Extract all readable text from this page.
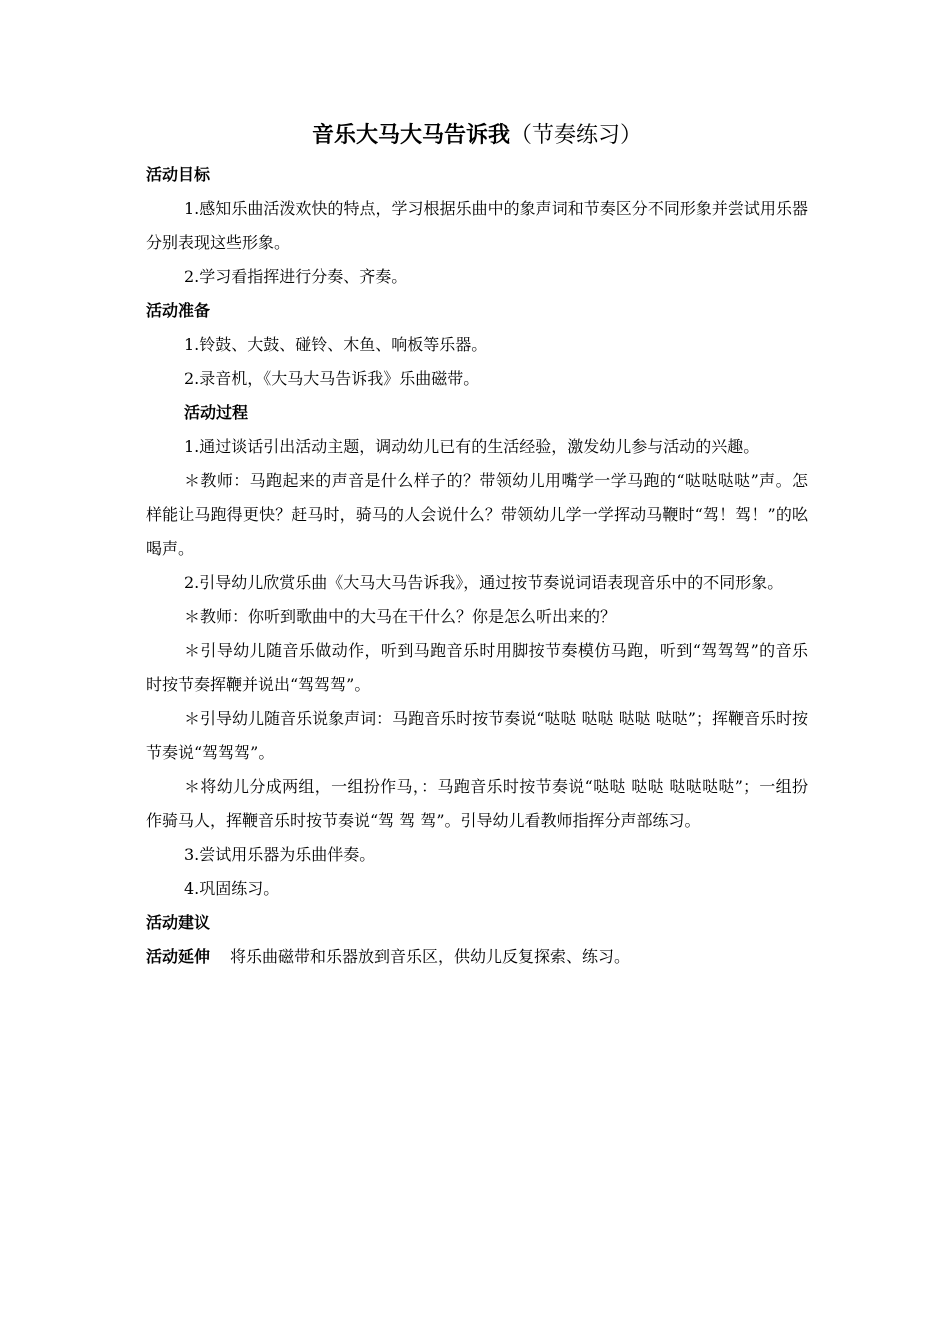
音乐大马大马告诉我（节奏练习）
活动目标

1.感知乐曲活泼欢快的特点，学习根据乐曲中的象声词和节奏区分不同形象并尝试用乐器分别表现这些形象。

2.学习看指挥进行分奏、齐奏。

活动准备

1.铃鼓、大鼓、碰铃、木鱼、响板等乐器。

2.录音机，《大马大马告诉我》乐曲磁带。

活动过程

1.通过谈话引出活动主题，调动幼儿已有的生活经验，激发幼儿参与活动的兴趣。

＊教师：马跑起来的声音是什么样子的？带领幼儿用嘴学一学马跑的“哒哒哒哒”声。怎样能让马跑得更快？赶马时，骑马的人会说什么？带领幼儿学一学挥动马鞭时“驾！驾！”的吆喝声。

2.引导幼儿欣赏乐曲《大马大马告诉我》，通过按节奏说词语表现音乐中的不同形象。

＊教师：你听到歌曲中的大马在干什么？你是怎么听出来的？

＊引导幼儿随音乐做动作，听到马跑音乐时用脚按节奏模仿马跑，听到“驾驾驾”的音乐时按节奏挥鞭并说出“驾驾驾”。

＊引导幼儿随音乐说象声词：马跑音乐时按节奏说“哒哒 哒哒 哒哒 哒哒”；挥鞭音乐时按节奏说“驾驾驾”。

＊将幼儿分成两组，一组扮作马，：马跑音乐时按节奏说“哒哒 哒哒 哒哒哒哒”；一组扮作骑马人，挥鞭音乐时按节奏说“驾 驾 驾”。引导幼儿看教师指挥分声部练习。

3.尝试用乐器为乐曲伴奏。

4.巩固练习。

活动建议

活动延伸 将乐曲磁带和乐器放到音乐区，供幼儿反复探索、练习。
